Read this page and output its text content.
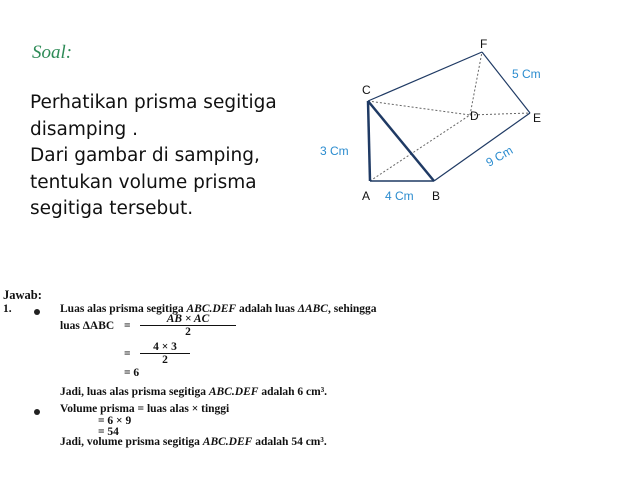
Soal:
Perhatikan prisma segitiga
disamping .
Dari gambar di samping,
tentukan volume prisma
segitiga tersebut.
A	B
C
D	E
F
4 Cm
3 Cm
5 Cm
9 Cm
Jawab:
1.	Luas alas prisma segitiga ABC.DEF adalah luas ΔABC, sehingga
luas $\Delta ABC = \frac{AB \times AC}{2}$
= $\frac{4 \times 3}{2}$
= 6
Jadi, luas alas prisma segitiga ABC.DEF adalah 6 cm³.
Volume prisma = luas alas × tinggi
= 6 × 9
= 54
Jadi, volume prisma segitiga ABC.DEF adalah 54 cm³.
